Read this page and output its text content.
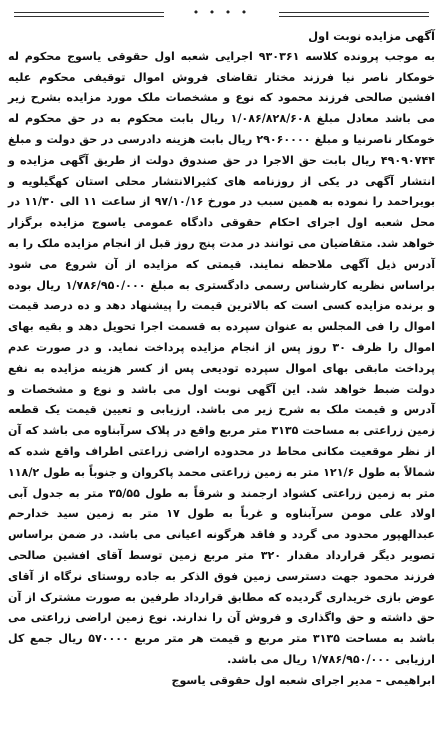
• • • •

آگهی مزایده نوبت اول

به موجب پرونده کلاسه ۹۳۰۳۶۱ اجرایی شعبه اول حقوقی یاسوج محکوم له خومکار ناصر نیا فرزند مختار تقاضای فروش اموال توقیفی محکوم علیه افشین صالحی فرزند محمود که نوع و مشخصات ملک مورد مزایده بشرح زیر می باشد معادل مبلغ ۱/۰۸۶/۸۲۸/۶۰۸ ریال بابت محکوم به در حق محکوم له خومکار ناصرنیا و مبلغ ۲۹۰۶۰۰۰۰ ریال بابت هزینه دادرسی در حق دولت و مبلغ ۴۹۰۹۰۷۴۴ ریال بابت حق الاجرا در حق صندوق دولت از طریق آگهی مزایده و انتشار آگهی در یکی از روزنامه های کثیرالانتشار محلی استان کهگیلویه و بویراحمد را نموده به همین سبب در مورخ ۹۷/۱۰/۱۶ از ساعت ۱۱ الی ۱۱/۳۰ در محل شعبه اول اجرای احکام حقوقی دادگاه عمومی یاسوج مزایده برگزار خواهد شد. متقاضیان می توانند در مدت پنج روز قبل از انجام مزایده ملک را به آدرس ذیل آگهی ملاحظه نمایند. قیمتی که مزایده از آن شروع می شود براساس نظریه کارشناس رسمی دادگستری به مبلغ ۱/۷۸۶/۹۵۰/۰۰۰ ریال بوده و برنده مزایده کسی است که بالاترین قیمت را پیشنهاد دهد و ده درصد قیمت اموال را فی المجلس به عنوان سپرده به قسمت اجرا تحویل دهد و بقیه بهای اموال را ظرف ۳۰ روز پس از انجام مزایده پرداخت نماید. و در صورت عدم پرداخت مابقی بهای اموال سپرده تودیعی پس از کسر هزینه مزایده به نفع دولت ضبط خواهد شد. این آگهی نوبت اول می باشد و نوع و مشخصات و آدرس و قیمت ملک به شرح زیر می باشد. ارزیابی و تعیین قیمت یک قطعه زمین زراعتی به مساحت ۳۱۳۵ متر مربع واقع در پلاک سرآبناوه می باشد که آن از نظر موقعیت مکانی محاط در محدوده اراضی زراعتی اطراف واقع شده که شمالاً به طول ۱۲۱/۶ متر به زمین زراعتی محمد پاکروان و جنوباً به طول ۱۱۸/۲ متر به زمین زراعتی کشواد ارجمند و شرقاً به طول ۳۵/۵۵ متر به جدول آبی اولاد علی مومن سرآبناوه و غرباً به طول ۱۷ متر به زمین سید خدارحم عبدالهپور محدود می گردد و فاقد هرگونه اعیانی می باشد. در ضمن براساس تصویر دیگر قرارداد مقدار ۳۲۰ متر مربع زمین توسط آقای افشین صالحی فرزند محمود جهت دسترسی زمین فوق الذکر به جاده روستای نرگاه از آقای عوض بازی خریداری گردیده که مطابق قرارداد طرفین به صورت مشترک از آن حق داشته و حق واگذاری و فروش آن را ندارند. نوع زمین اراضی زراعتی می باشد به مساحت ۳۱۳۵ متر مربع و قیمت هر متر مربع ۵۷۰۰۰۰ ریال جمع کل ارزیابی ۱/۷۸۶/۹۵۰/۰۰۰ ریال می باشد.

ابراهیمی – مدیر اجرای شعبه اول حقوقی یاسوج
